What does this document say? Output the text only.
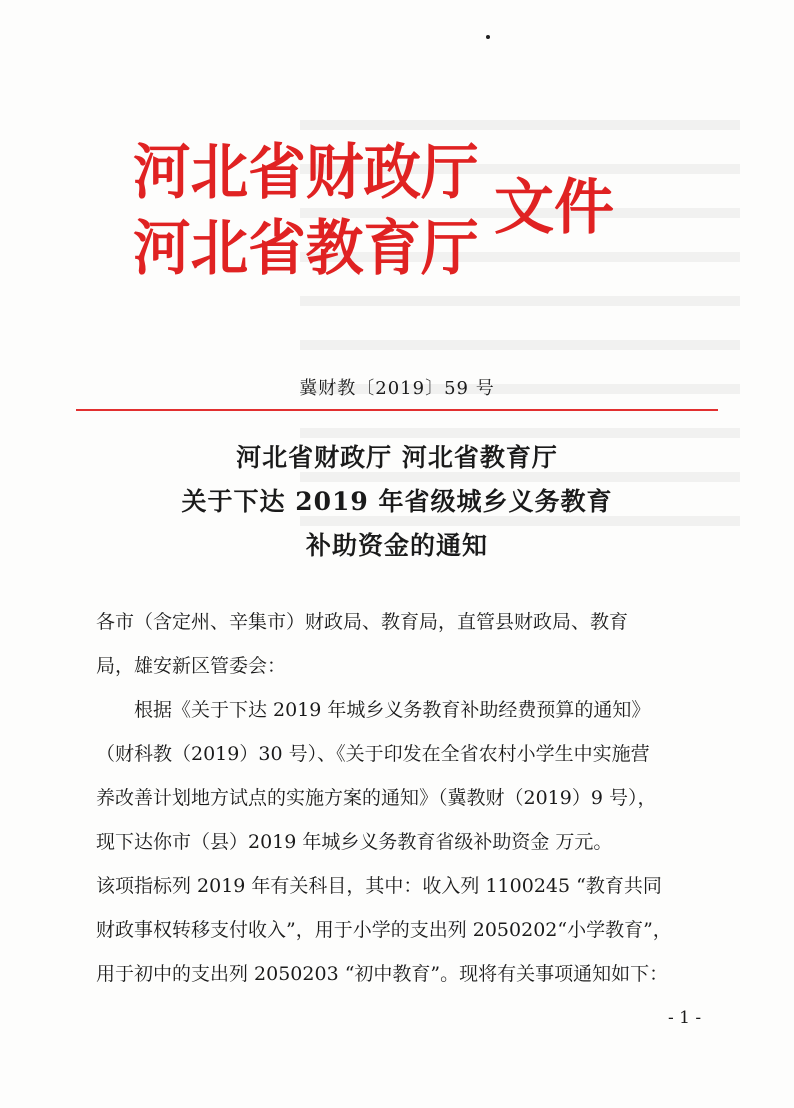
河北省财政厅
河北省教育厅
文件
冀财教〔2019〕59 号
河北省财政厅 河北省教育厅
关于下达 2019 年省级城乡义务教育
补助资金的通知

各市（含定州、辛集市）财政局、教育局，直管县财政局、教育

局，雄安新区管委会：

根据《关于下达 2019 年城乡义务教育补助经费预算的通知》

（财科教（2019）30 号）、《关于印发在全省农村小学生中实施营

养改善计划地方试点的实施方案的通知》（冀教财（2019）9 号），

现下达你市（县）2019 年城乡义务教育省级补助资金 万元。

该项指标列 2019 年有关科目，其中：收入列 1100245 “教育共同

财政事权转移支付收入”，用于小学的支出列 2050202“小学教育”，

用于初中的支出列 2050203 “初中教育”。现将有关事项通知如下：

- 1 -
